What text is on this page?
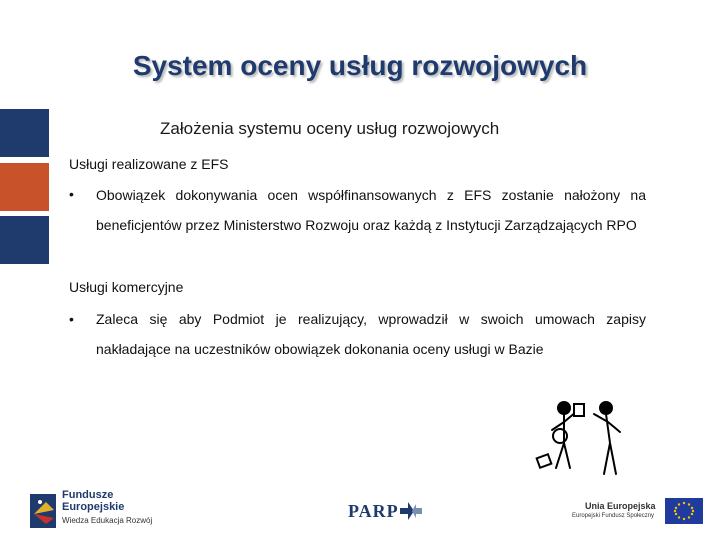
System oceny usług rozwojowych
Założenia systemu oceny usług rozwojowych
Usługi realizowane z EFS
• Obowiązek dokonywania ocen współfinansowanych z EFS zostanie nałożony na beneficjentów przez Ministerstwo Rozwoju oraz każdą z Instytucji Zarządzających RPO
Usługi komercyjne
• Zaleca się aby Podmiot je realizujący, wprowadził w swoich umowach zapisy nakładające na uczestników obowiązek dokonania oceny usługi w Bazie
Fundusze
Europejskie
Wiedza Edukacja Rozwój	PARP	Unia Europejska
Europejski Fundusz Społeczny
